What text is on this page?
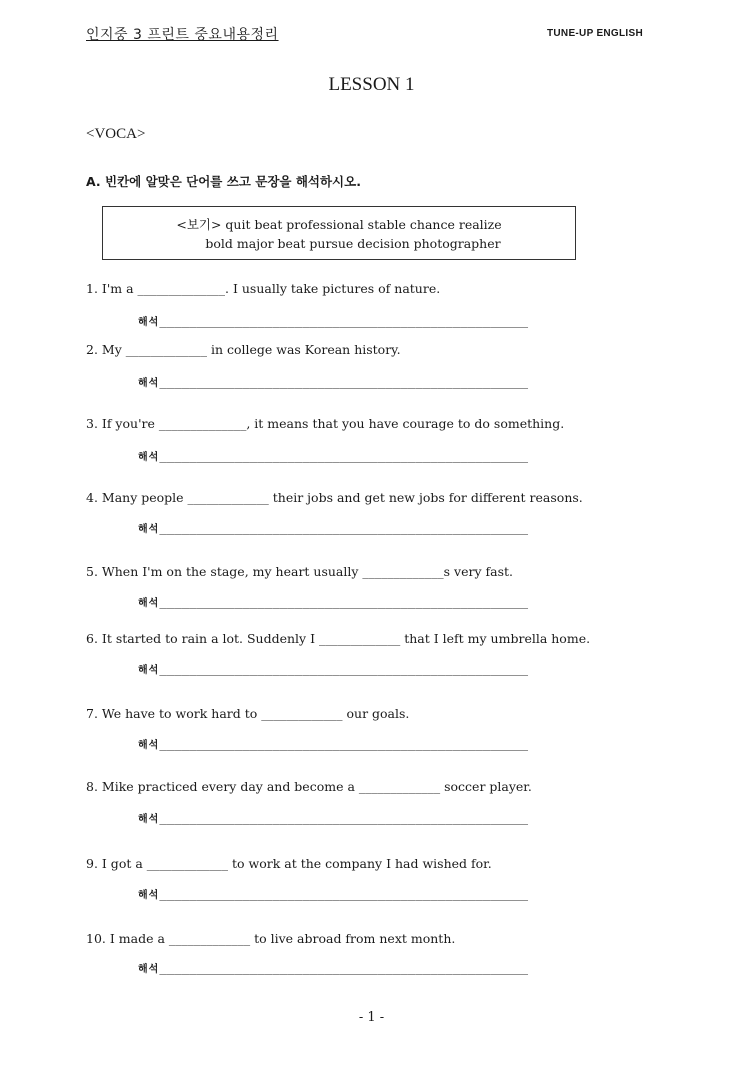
인지중 3 프린트 중요내용정리	TUNE-UP ENGLISH
LESSON 1
<VOCA>
A. 빈칸에 알맞은 단어를 쓰고 문장을 해석하시오.
<보기> quit beat professional stable chance realize
bold major beat pursue decision photographer
1. I'm a ______________. I usually take pictures of nature.
해석_________________________________________________
2. My _____________ in college was Korean history.
해석_________________________________________________
3. If you're ______________, it means that you have courage to do something.
해석_________________________________________________
4. Many people _____________ their jobs and get new jobs for different reasons.
해석_________________________________________________
5. When I'm on the stage, my heart usually _____________s very fast.
해석_________________________________________________
6. It started to rain a lot. Suddenly I _____________ that I left my umbrella home.
해석_________________________________________________
7. We have to work hard to _____________ our goals.
해석_________________________________________________
8. Mike practiced every day and become a _____________ soccer player.
해석_________________________________________________
9. I got a _____________ to work at the company I had wished for.
해석_________________________________________________
10. I made a _____________ to live abroad from next month.
해석_________________________________________________
- 1 -
